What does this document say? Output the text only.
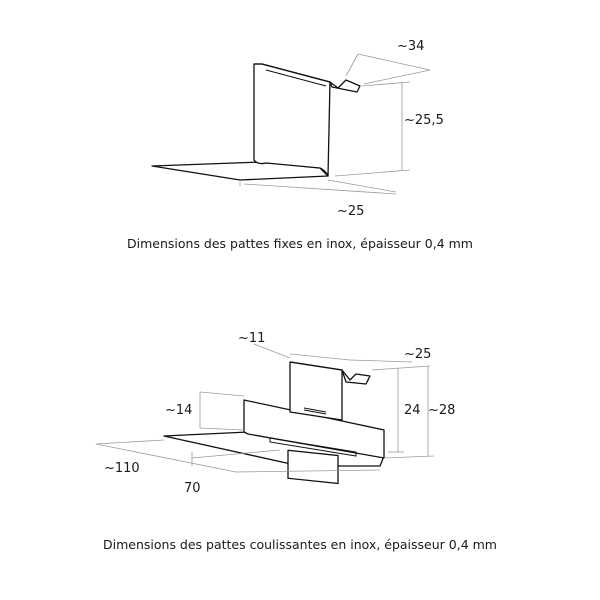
~34
~25,5
~25
Dimensions des pattes fixes en inox, épaisseur 0,4 mm
~11
~25
24 ~28
~14
~110
70
Dimensions des pattes coulissantes en inox, épaisseur 0,4 mm
